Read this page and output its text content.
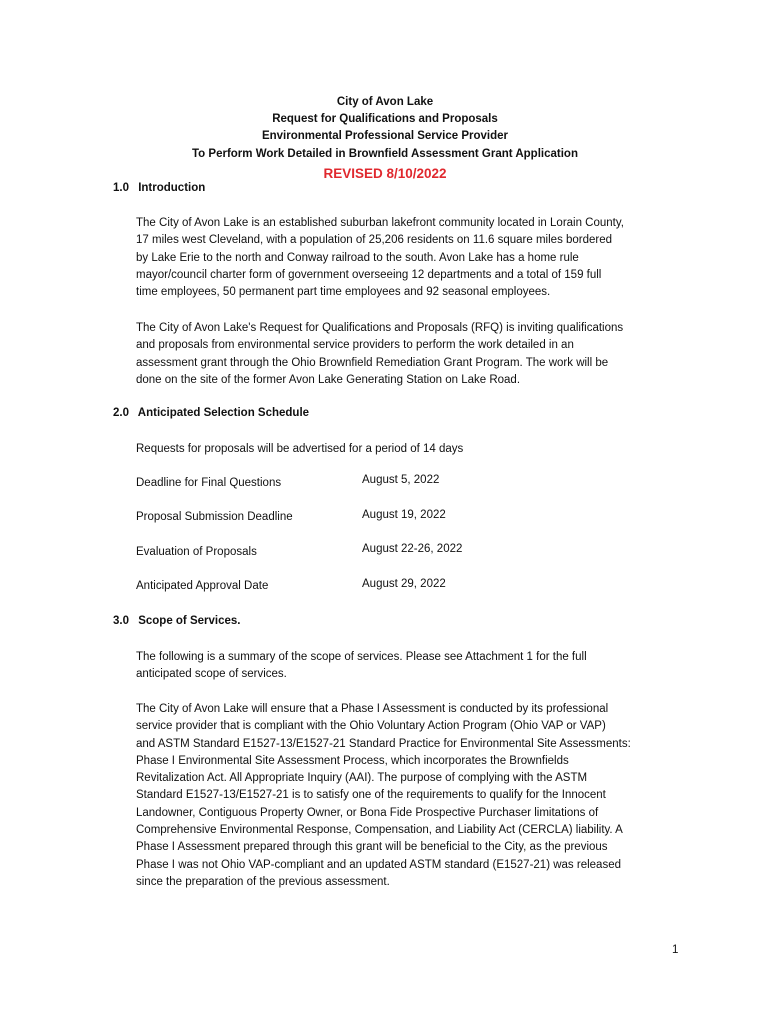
City of Avon Lake
Request for Qualifications and Proposals
Environmental Professional Service Provider
To Perform Work Detailed in Brownfield Assessment Grant Application
REVISED 8/10/2022
1.0 Introduction
The City of Avon Lake is an established suburban lakefront community located in Lorain County,
17 miles west Cleveland, with a population of 25,206 residents on 11.6 square miles bordered
by Lake Erie to the north and Conway railroad to the south. Avon Lake has a home rule
mayor/council charter form of government overseeing 12 departments and a total of 159 full
time employees, 50 permanent part time employees and 92 seasonal employees.
The City of Avon Lake's Request for Qualifications and Proposals (RFQ) is inviting qualifications
and proposals from environmental service providers to perform the work detailed in an
assessment grant through the Ohio Brownfield Remediation Grant Program. The work will be
done on the site of the former Avon Lake Generating Station on Lake Road.
2.0 Anticipated Selection Schedule
Requests for proposals will be advertised for a period of 14 days
Deadline for Final Questions	August 5, 2022
Proposal Submission Deadline	August 19, 2022
Evaluation of Proposals	August 22-26, 2022
Anticipated Approval Date	August 29, 2022
3.0 Scope of Services.
The following is a summary of the scope of services. Please see Attachment 1 for the full
anticipated scope of services.
The City of Avon Lake will ensure that a Phase I Assessment is conducted by its professional
service provider that is compliant with the Ohio Voluntary Action Program (Ohio VAP or VAP)
and ASTM Standard E1527-13/E1527-21 Standard Practice for Environmental Site Assessments:
Phase I Environmental Site Assessment Process, which incorporates the Brownfields
Revitalization Act. All Appropriate Inquiry (AAI). The purpose of complying with the ASTM
Standard E1527-13/E1527-21 is to satisfy one of the requirements to qualify for the Innocent
Landowner, Contiguous Property Owner, or Bona Fide Prospective Purchaser limitations of
Comprehensive Environmental Response, Compensation, and Liability Act (CERCLA) liability. A
Phase I Assessment prepared through this grant will be beneficial to the City, as the previous
Phase I was not Ohio VAP-compliant and an updated ASTM standard (E1527-21) was released
since the preparation of the previous assessment.
1
